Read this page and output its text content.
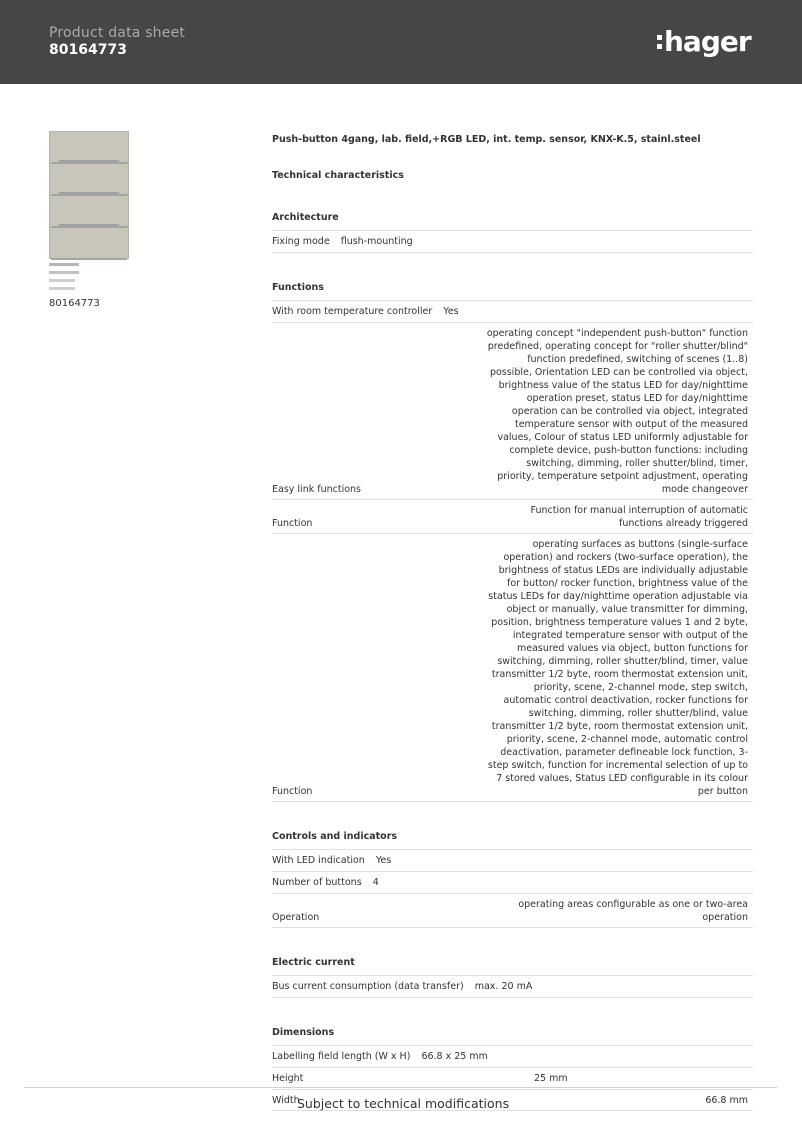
Product data sheet
80164773	hager
80164773
Push-button 4gang, lab. field,+RGB LED, int. temp. sensor, KNX-K.5, stainl.steel
Technical characteristics
Architecture
Fixing mode flush-mounting
Functions
With room temperature controller Yes
Easy link functions
operating concept "independent push-button" function predefined, operating concept for "roller shutter/blind" function predefined, switching of scenes (1..8) possible, Orientation LED can be controlled via object, brightness value of the status LED for day/nighttime operation preset, status LED for day/nighttime operation can be controlled via object, integrated temperature sensor with output of the measured values, Colour of status LED uniformly adjustable for complete device, push-button functions: including switching, dimming, roller shutter/blind, timer, priority, temperature setpoint adjustment, operating mode changeover
Function
Function for manual interruption of automatic functions already triggered
Function
operating surfaces as buttons (single-surface operation) and rockers (two-surface operation), the brightness of status LEDs are individually adjustable for button/ rocker function, brightness value of the status LEDs for day/nighttime operation adjustable via object or manually, value transmitter for dimming, position, brightness temperature values 1 and 2 byte, integrated temperature sensor with output of the measured values via object, button functions for switching, dimming, roller shutter/blind, timer, value transmitter 1/2 byte, room thermostat extension unit, priority, scene, 2-channel mode, step switch, automatic control deactivation, rocker functions for switching, dimming, roller shutter/blind, value transmitter 1/2 byte, room thermostat extension unit, priority, scene, 2-channel mode, automatic control deactivation, parameter defineable lock function, 3-step switch, function for incremental selection of up to 7 stored values, Status LED configurable in its colour per button
Controls and indicators
With LED indication Yes
Number of buttons 4
Operation
operating areas configurable as one or two-area operation
Electric current
Bus current consumption (data transfer) max. 20 mA
Dimensions
Labelling field length (W x H) 66.8 x 25 mm
Height	25 mm
Width	66.8 mm
Subject to technical modifications
